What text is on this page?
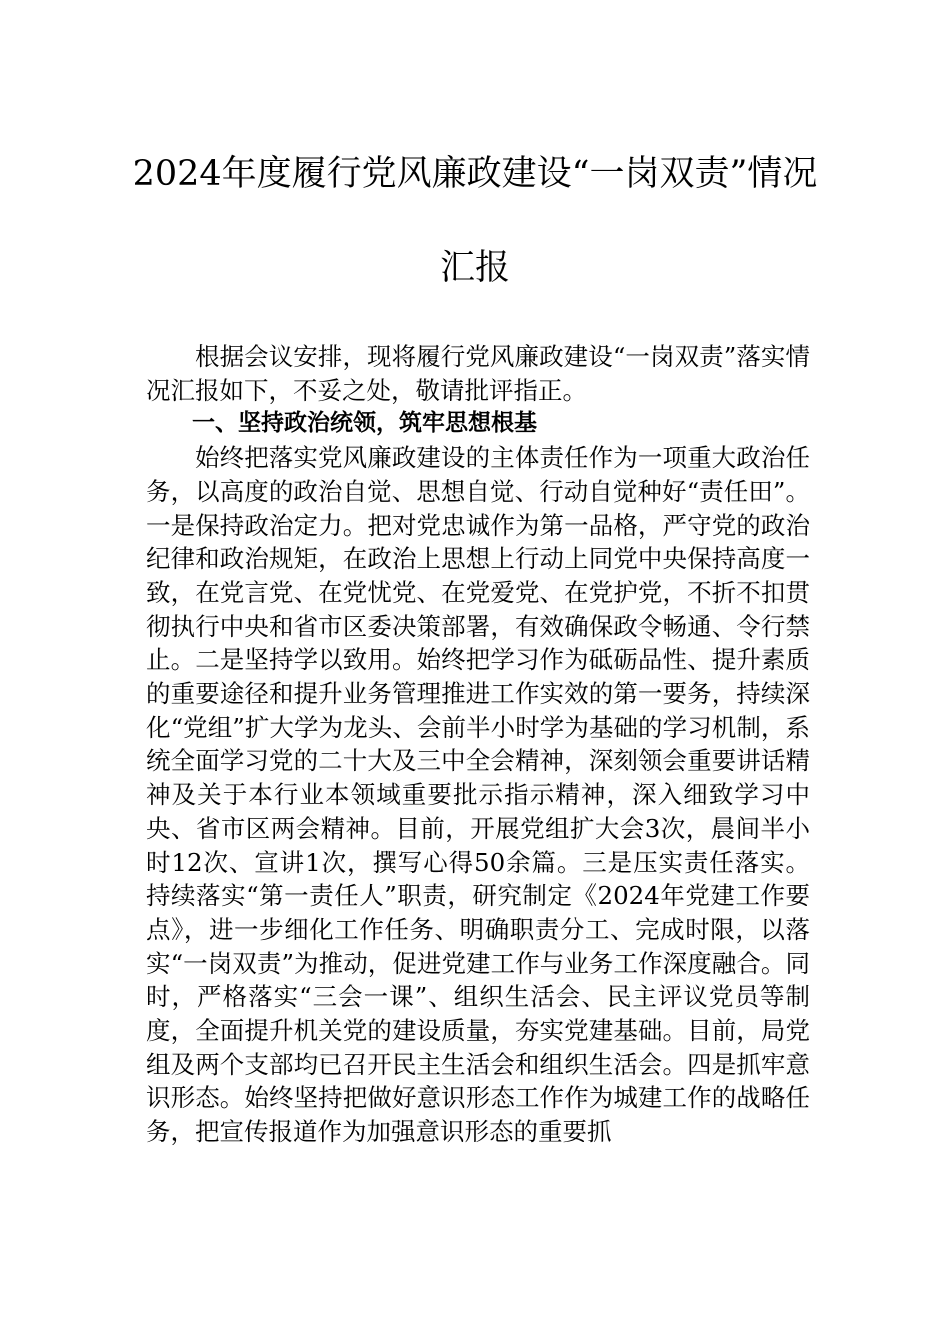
2024年度履行党风廉政建设“一岗双责”情况
汇报

根据会议安排，现将履行党风廉政建设“一岗双责”落实情况汇报如下，不妥之处，敬请批评指正。

一、坚持政治统领，筑牢思想根基

始终把落实党风廉政建设的主体责任作为一项重大政治任务，以高度的政治自觉、思想自觉、行动自觉种好“责任田”。一是保持政治定力。把对党忠诚作为第一品格，严守党的政治纪律和政治规矩，在政治上思想上行动上同党中央保持高度一致，在党言党、在党忧党、在党爱党、在党护党，不折不扣贯彻执行中央和省市区委决策部署，有效确保政令畅通、令行禁止。二是坚持学以致用。始终把学习作为砥砺品性、提升素质的重要途径和提升业务管理推进工作实效的第一要务，持续深化“党组”扩大学为龙头、会前半小时学为基础的学习机制，系统全面学习党的二十大及三中全会精神，深刻领会重要讲话精神及关于本行业本领域重要批示指示精神，深入细致学习中央、省市区两会精神。目前，开展党组扩大会3次，晨间半小时12次、宣讲1次，撰写心得50余篇。三是压实责任落实。持续落实“第一责任人”职责，研究制定《2024年党建工作要点》，进一步细化工作任务、明确职责分工、完成时限，以落实“一岗双责”为推动，促进党建工作与业务工作深度融合。同时，严格落实“三会一课”、组织生活会、民主评议党员等制度，全面提升机关党的建设质量，夯实党建基础。目前，局党组及两个支部均已召开民主生活会和组织生活会。四是抓牢意识形态。始终坚持把做好意识形态工作作为城建工作的战略任务，把宣传报道作为加强意识形态的重要抓
